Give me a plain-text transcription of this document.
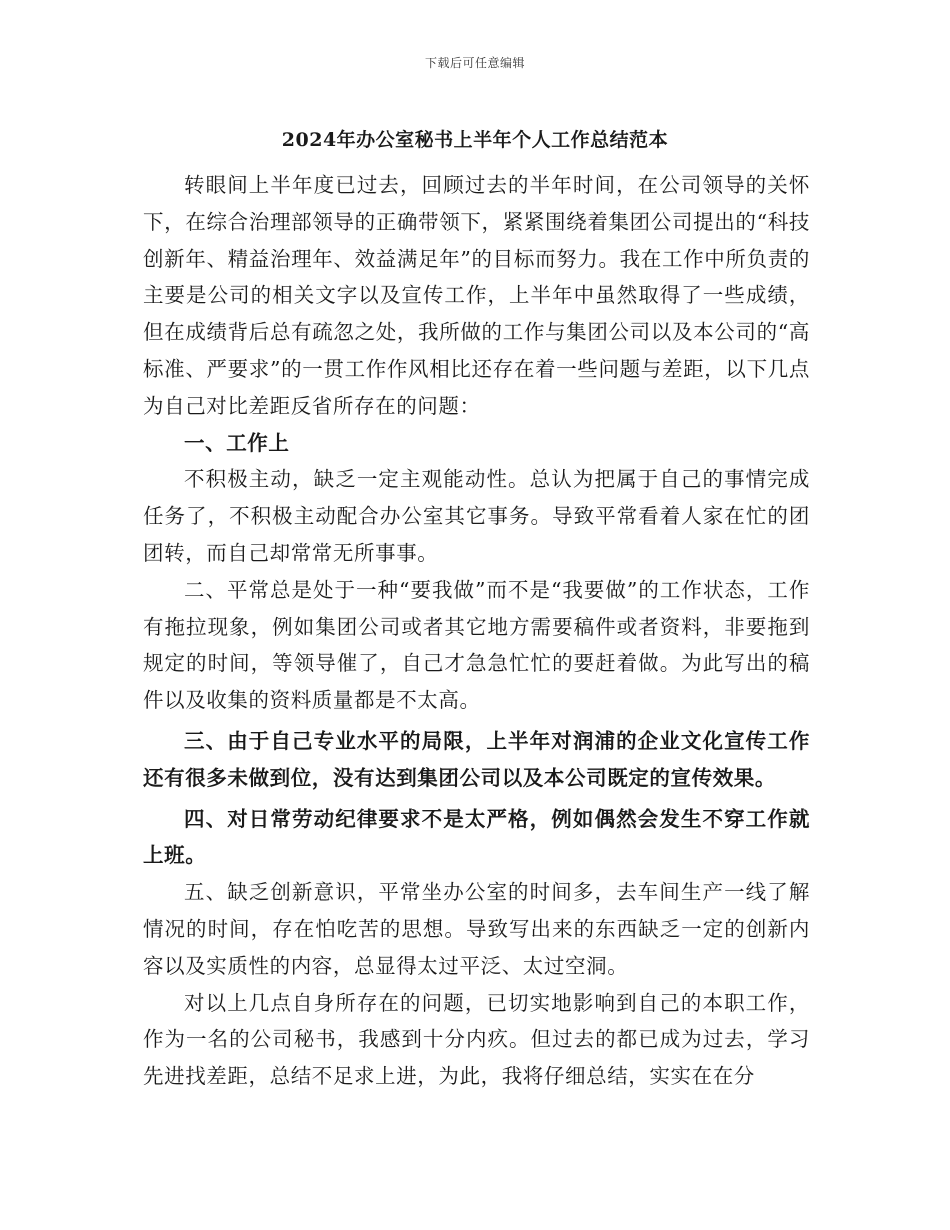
下载后可任意编辑
2024年办公室秘书上半年个人工作总结范本

转眼间上半年度已过去，回顾过去的半年时间，在公司领导的关怀下，在综合治理部领导的正确带领下，紧紧围绕着集团公司提出的“科技创新年、精益治理年、效益满足年”的目标而努力。我在工作中所负责的主要是公司的相关文字以及宣传工作，上半年中虽然取得了一些成绩，但在成绩背后总有疏忽之处，我所做的工作与集团公司以及本公司的“高标准、严要求”的一贯工作作风相比还存在着一些问题与差距，以下几点为自己对比差距反省所存在的问题：

一、工作上

不积极主动，缺乏一定主观能动性。总认为把属于自己的事情完成任务了，不积极主动配合办公室其它事务。导致平常看着人家在忙的团团转，而自己却常常无所事事。

二、平常总是处于一种“要我做”而不是“我要做”的工作状态，工作有拖拉现象，例如集团公司或者其它地方需要稿件或者资料，非要拖到规定的时间，等领导催了，自己才急急忙忙的要赶着做。为此写出的稿件以及收集的资料质量都是不太高。

三、由于自己专业水平的局限，上半年对润浦的企业文化宣传工作还有很多未做到位，没有达到集团公司以及本公司既定的宣传效果。

四、对日常劳动纪律要求不是太严格，例如偶然会发生不穿工作就上班。

五、缺乏创新意识，平常坐办公室的时间多，去车间生产一线了解情况的时间，存在怕吃苦的思想。导致写出来的东西缺乏一定的创新内容以及实质性的内容，总显得太过平泛、太过空洞。

对以上几点自身所存在的问题，已切实地影响到自己的本职工作，作为一名的公司秘书，我感到十分内疚。但过去的都已成为过去，学习先进找差距，总结不足求上进，为此，我将仔细总结，实实在在分
